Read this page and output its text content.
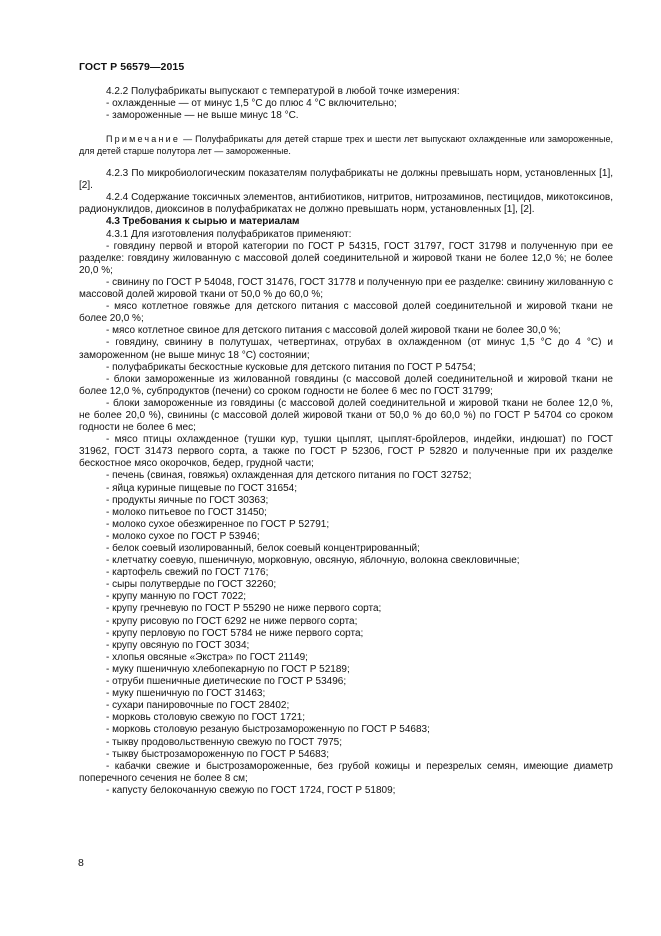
ГОСТ Р 56579—2015

4.2.2 Полуфабрикаты выпускают с температурой в любой точке измерения:

- охлажденные — от минус 1,5 °С до плюс 4 °С включительно;

- замороженные — не выше минус 18 °С.

Примечание — Полуфабрикаты для детей старше трех и шести лет выпускают охлажденные или замороженные, для детей старше полутора лет — замороженные.

4.2.3 По микробиологическим показателям полуфабрикаты не должны превышать норм, установленных [1], [2].

4.2.4 Содержание токсичных элементов, антибиотиков, нитритов, нитрозаминов, пестицидов, микотоксинов, радионуклидов, диоксинов в полуфабрикатах не должно превышать норм, установленных [1], [2].

4.3 Требования к сырью и материалам

4.3.1 Для изготовления полуфабрикатов применяют:

- говядину первой и второй категории по ГОСТ Р 54315, ГОСТ 31797, ГОСТ 31798 и полученную при ее разделке: говядину жилованную с массовой долей соединительной и жировой ткани не более 12,0 %; не более 20,0 %;
- свинину по ГОСТ Р 54048, ГОСТ 31476, ГОСТ 31778 и полученную при ее разделке: свинину жилованную с массовой долей жировой ткани от 50,0 % до 60,0 %;
- мясо котлетное говяжье для детского питания с массовой долей соединительной и жировой ткани не более 20,0 %;
- мясо котлетное свиное для детского питания с массовой долей жировой ткани не более 30,0 %;
- говядину, свинину в полутушах, четвертинах, отрубах в охлажденном (от минус 1,5 °С до 4 °С) и замороженном (не выше минус 18 °С) состоянии;
- полуфабрикаты бескостные кусковые для детского питания по ГОСТ Р 54754;
- блоки замороженные из жилованной говядины (с массовой долей соединительной и жировой ткани не более 12,0 %, субпродуктов (печени) со сроком годности не более 6 мес по ГОСТ 31799;
- блоки замороженные из говядины (с массовой долей соединительной и жировой ткани не более 12,0 %, не более 20,0 %), свинины (с массовой долей жировой ткани от 50,0 % до 60,0 %) по ГОСТ Р 54704 со сроком годности не более 6 мес;
- мясо птицы охлажденное (тушки кур, тушки цыплят, цыплят-бройлеров, индейки, индюшат) по ГОСТ 31962, ГОСТ 31473 первого сорта, а также по ГОСТ Р 52306, ГОСТ Р 52820 и полученные при их разделке бескостное мясо окорочков, бедер, грудной части;
- печень (свиная, говяжья) охлажденная для детского питания по ГОСТ 32752;
- яйца куриные пищевые по ГОСТ 31654;
- продукты яичные по ГОСТ 30363;
- молоко питьевое по ГОСТ 31450;
- молоко сухое обезжиренное по ГОСТ Р 52791;
- молоко сухое по ГОСТ Р 53946;
- белок соевый изолированный, белок соевый концентрированный;
- клетчатку соевую, пшеничную, морковную, овсяную, яблочную, волокна свекловичные;
- картофель свежий по ГОСТ 7176;
- сыры полутвердые по ГОСТ 32260;
- крупу манную по ГОСТ 7022;
- крупу гречневую по ГОСТ Р 55290 не ниже первого сорта;
- крупу рисовую по ГОСТ 6292 не ниже первого сорта;
- крупу перловую по ГОСТ 5784 не ниже первого сорта;
- крупу овсяную по ГОСТ 3034;
- хлопья овсяные «Экстра» по ГОСТ 21149;
- муку пшеничную хлебопекарную по ГОСТ Р 52189;
- отруби пшеничные диетические по ГОСТ Р 53496;
- муку пшеничную по ГОСТ 31463;
- сухари панировочные по ГОСТ 28402;
- морковь столовую свежую по ГОСТ 1721;
- морковь столовую резаную быстрозамороженную по ГОСТ Р 54683;
- тыкву продовольственную свежую по ГОСТ 7975;
- тыкву быстрозамороженную по ГОСТ Р 54683;
- кабачки свежие и быстрозамороженные, без грубой кожицы и перезрелых семян, имеющие диаметр поперечного сечения не более 8 см;
- капусту белокочанную свежую по ГОСТ 1724, ГОСТ Р 51809;
8
